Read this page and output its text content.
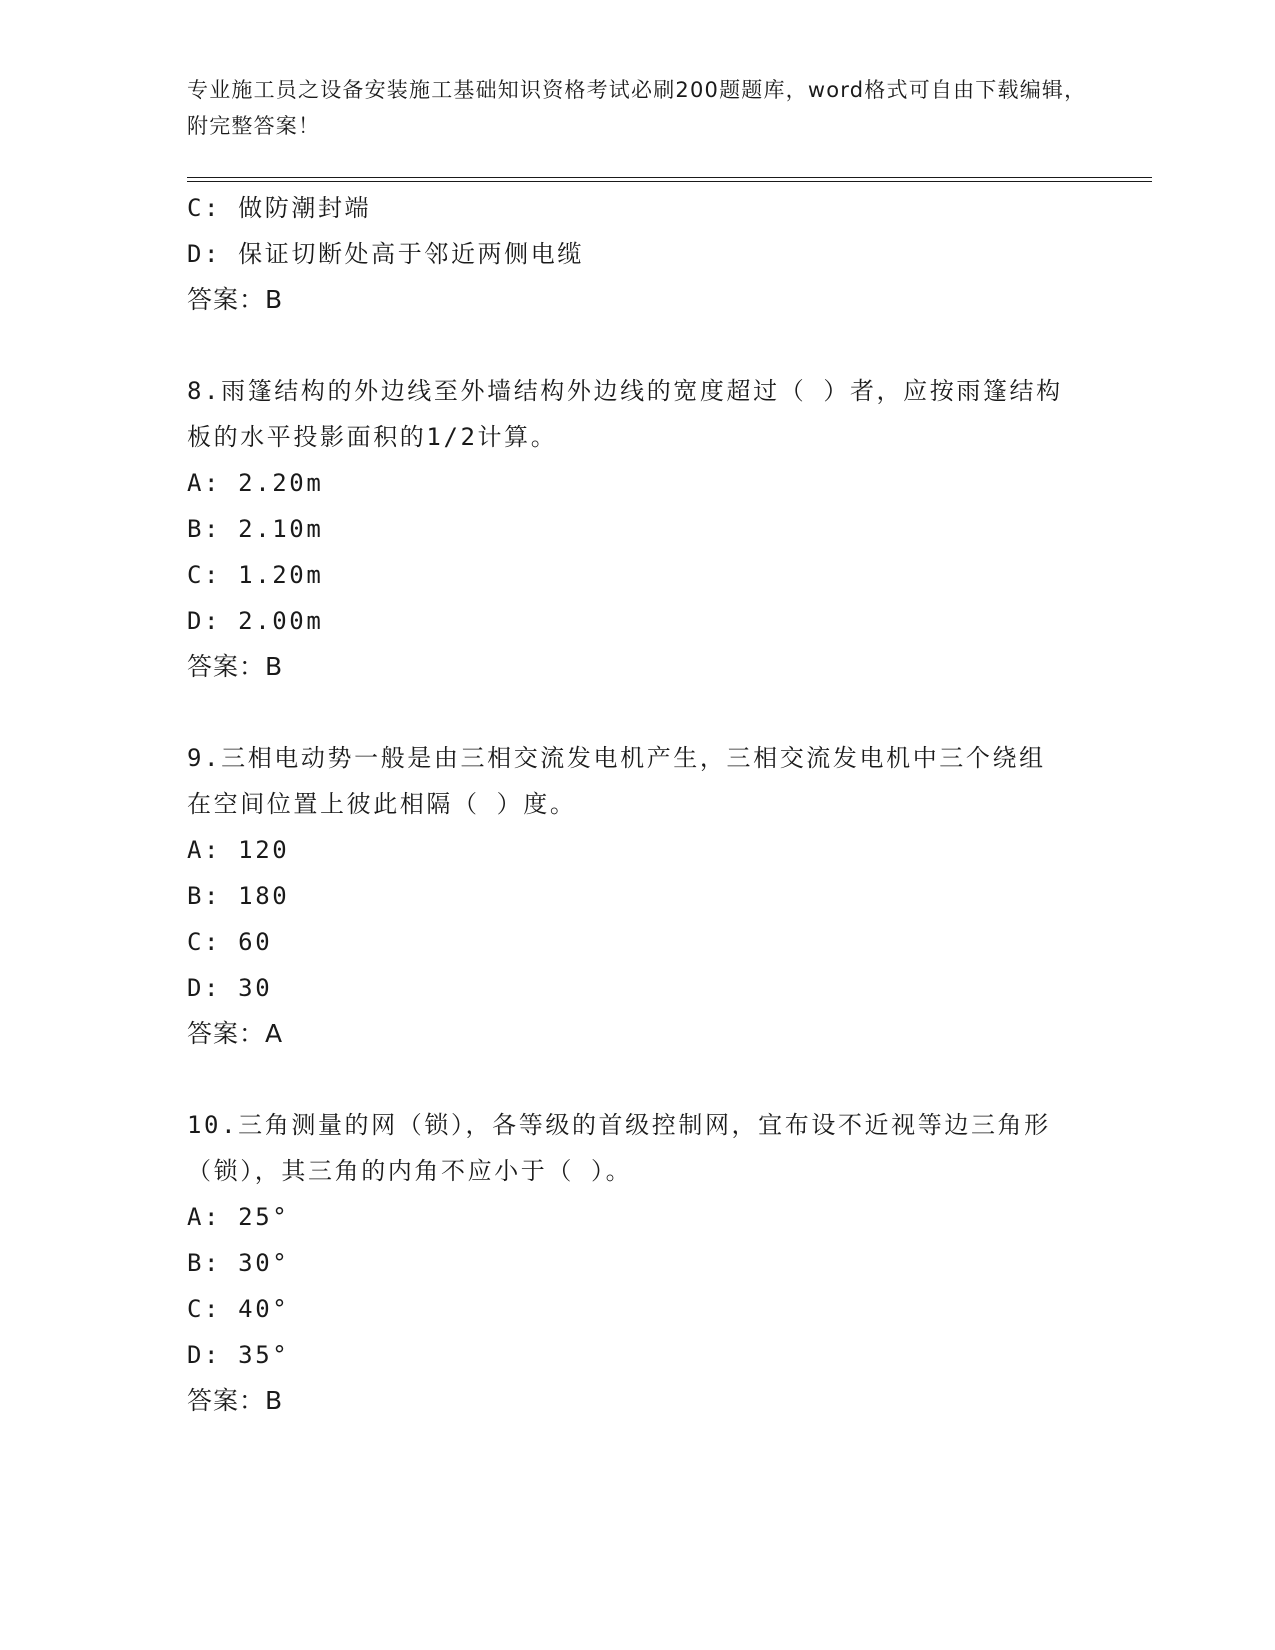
专业施工员之设备安装施工基础知识资格考试必刷200题题库，word格式可自由下载编辑，附完整答案！
C: 做防潮封端
D: 保证切断处高于邻近两侧电缆
答案：B
8.雨篷结构的外边线至外墙结构外边线的宽度超过（ ）者，应按雨篷结构板的水平投影面积的1/2计算。
A: 2.20m
B: 2.10m
C: 1.20m
D: 2.00m
答案：B
9.三相电动势一般是由三相交流发电机产生，三相交流发电机中三个绕组在空间位置上彼此相隔（ ）度。
A: 120
B: 180
C: 60
D: 30
答案：A
10.三角测量的网（锁），各等级的首级控制网，宜布设不近视等边三角形（锁），其三角的内角不应小于（ ）。
A: 25°
B: 30°
C: 40°
D: 35°
答案：B
